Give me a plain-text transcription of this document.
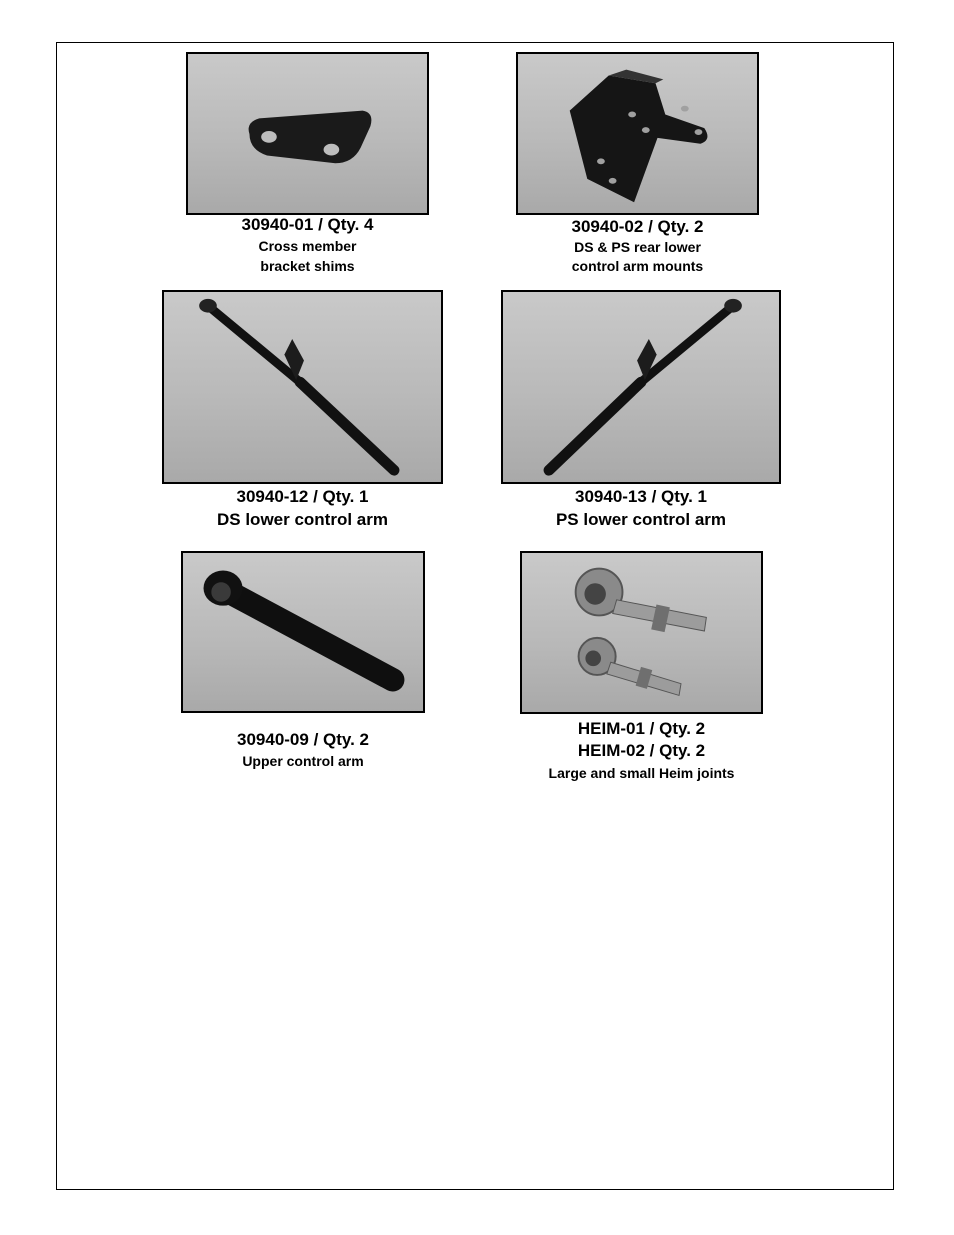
30940-01 / Qty. 4
Cross member
bracket shims
30940-02 / Qty. 2
DS & PS rear lower
control arm mounts
30940-12 / Qty. 1
DS lower control arm
30940-13 / Qty. 1
PS lower control arm
30940-09 / Qty. 2
Upper control arm
HEIM-01 / Qty. 2
HEIM-02 / Qty. 2
Large and small Heim joints
